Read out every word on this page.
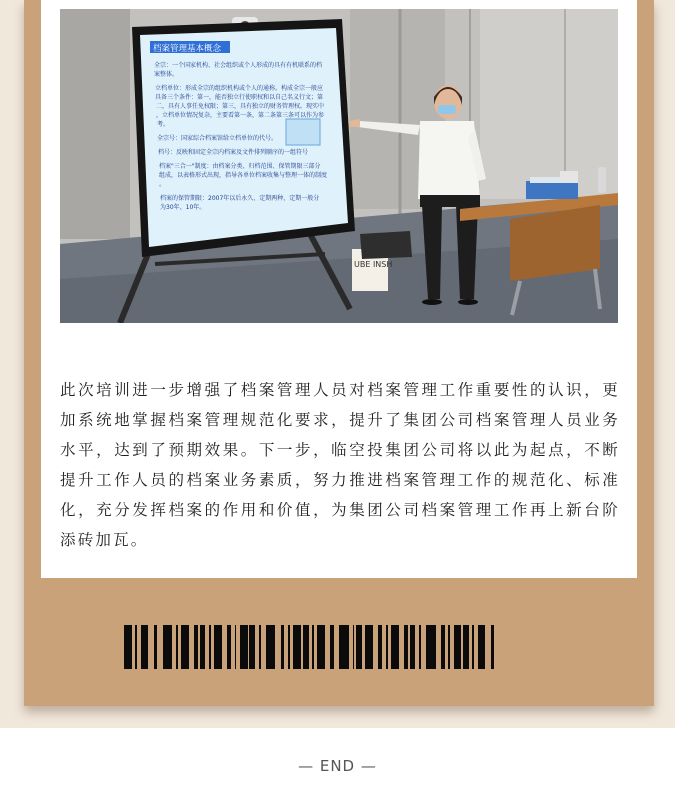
档案管理基本概念
全宗：一个国家机构、社会组织或个人形成的具有有机联系的档
案整体。
立档单位：形成全宗的组织机构或个人的通称。构成全宗一般应
具备三个条件：第一，能否独立行使职权和以自己名义行文；第
二，具有人事任免权限；第三，具有独立的财务管理权。现实中
，立档单位情况复杂，主要看第一条，第二条第三条可以作为参
考。
全宗号：国家综合档案馆给立档单位的代号。
档号：反映和固定全宗内档案及文件排列顺序的一组符号
档案"三合一"制度：由档案分类、归档范围、保管期限三部分
组成，以表格形式出现，指导各单位档案收集与整理一体的制度
。
档案的保管期限：2007年以后永久、定期两种，定期一般分
为30年、10年。
UBE INSH

此次培训进一步增强了档案管理人员对档案管理工作重要性的认识，更加系统地掌握档案管理规范化要求，提升了集团公司档案管理人员业务水平，达到了预期效果。下一步，临空投集团公司将以此为起点，不断提升工作人员的档案业务素质，努力推进档案管理工作的规范化、标准化，充分发挥档案的作用和价值，为集团公司档案管理工作再上新台阶添砖加瓦。

— END —
